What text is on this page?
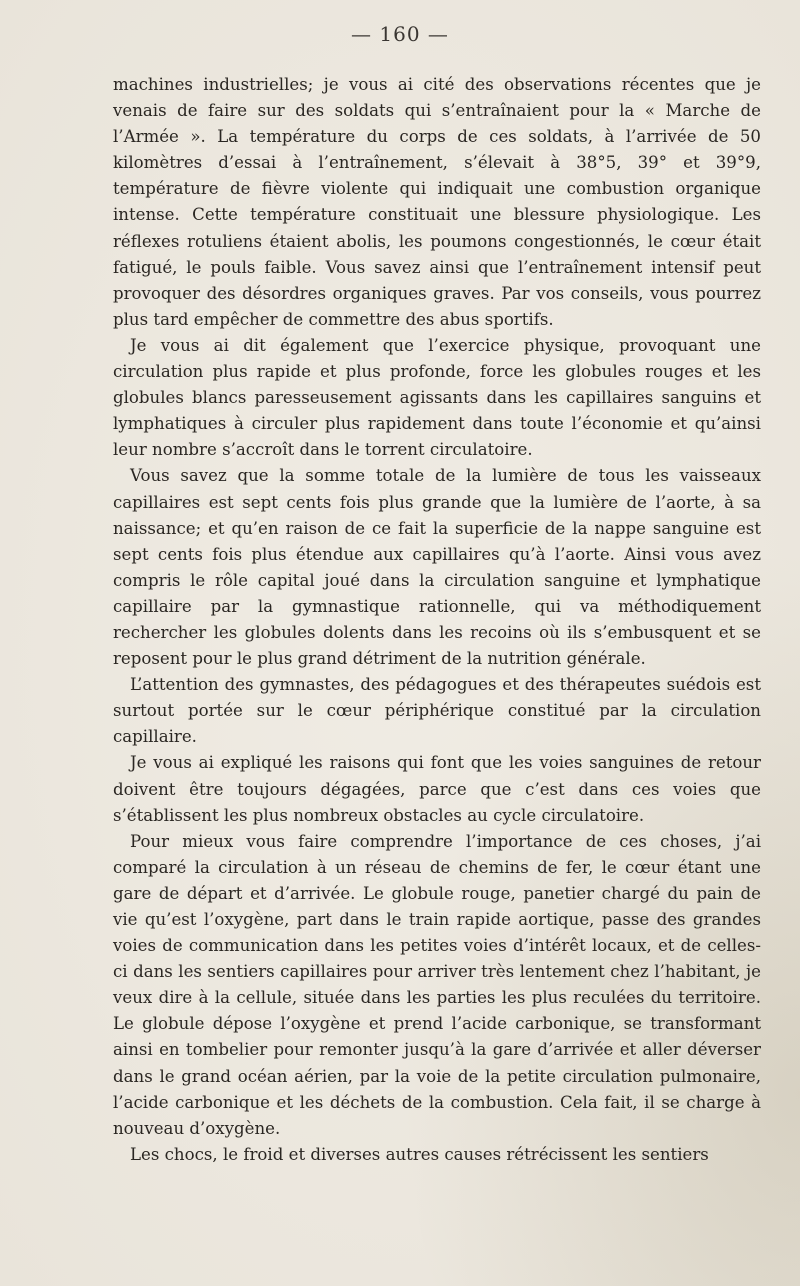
— 160 —

machines industrielles; je vous ai cité des observations récentes que je venais de faire sur des soldats qui s’entraînaient pour la « Marche de l’Armée ». La température du corps de ces soldats, à l’arrivée de 50 kilomètres d’essai à l’entraînement, s’élevait à 38°5, 39° et 39°9, température de fièvre violente qui indiquait une combustion organique intense. Cette température constituait une blessure physiologique. Les réflexes rotuliens étaient abolis, les poumons congestionnés, le cœur était fatigué, le pouls faible. Vous savez ainsi que l’entraînement intensif peut provoquer des désordres organiques graves. Par vos conseils, vous pourrez plus tard empêcher de commettre des abus sportifs.

Je vous ai dit également que l’exercice physique, provoquant une circulation plus rapide et plus profonde, force les globules rouges et les globules blancs paresseusement agissants dans les capillaires sanguins et lymphatiques à circuler plus rapidement dans toute l’économie et qu’ainsi leur nombre s’accroît dans le torrent circulatoire.

Vous savez que la somme totale de la lumière de tous les vaisseaux capillaires est sept cents fois plus grande que la lumière de l’aorte, à sa naissance; et qu’en raison de ce fait la superficie de la nappe sanguine est sept cents fois plus étendue aux capillaires qu’à l’aorte. Ainsi vous avez compris le rôle capital joué dans la circulation sanguine et lymphatique capillaire par la gymnastique rationnelle, qui va méthodiquement rechercher les globules dolents dans les recoins où ils s’embusquent et se reposent pour le plus grand détriment de la nutrition générale.

L’attention des gymnastes, des pédagogues et des thérapeutes suédois est surtout portée sur le cœur périphérique constitué par la circulation capillaire.

Je vous ai expliqué les raisons qui font que les voies sanguines de retour doivent être toujours dégagées, parce que c’est dans ces voies que s’établissent les plus nombreux obstacles au cycle circulatoire.

Pour mieux vous faire comprendre l’importance de ces choses, j’ai comparé la circulation à un réseau de chemins de fer, le cœur étant une gare de départ et d’arrivée. Le globule rouge, panetier chargé du pain de vie qu’est l’oxygène, part dans le train rapide aortique, passe des grandes voies de communication dans les petites voies d’intérêt locaux, et de celles-ci dans les sentiers capillaires pour arriver très lentement chez l’habitant, je veux dire à la cellule, située dans les parties les plus reculées du territoire. Le globule dépose l’oxygène et prend l’acide carbonique, se transformant ainsi en tombelier pour remonter jusqu’à la gare d’arrivée et aller déverser dans le grand océan aérien, par la voie de la petite circulation pulmonaire, l’acide carbonique et les déchets de la combustion. Cela fait, il se charge à nouveau d’oxygène.

Les chocs, le froid et diverses autres causes rétrécissent les sentiers
